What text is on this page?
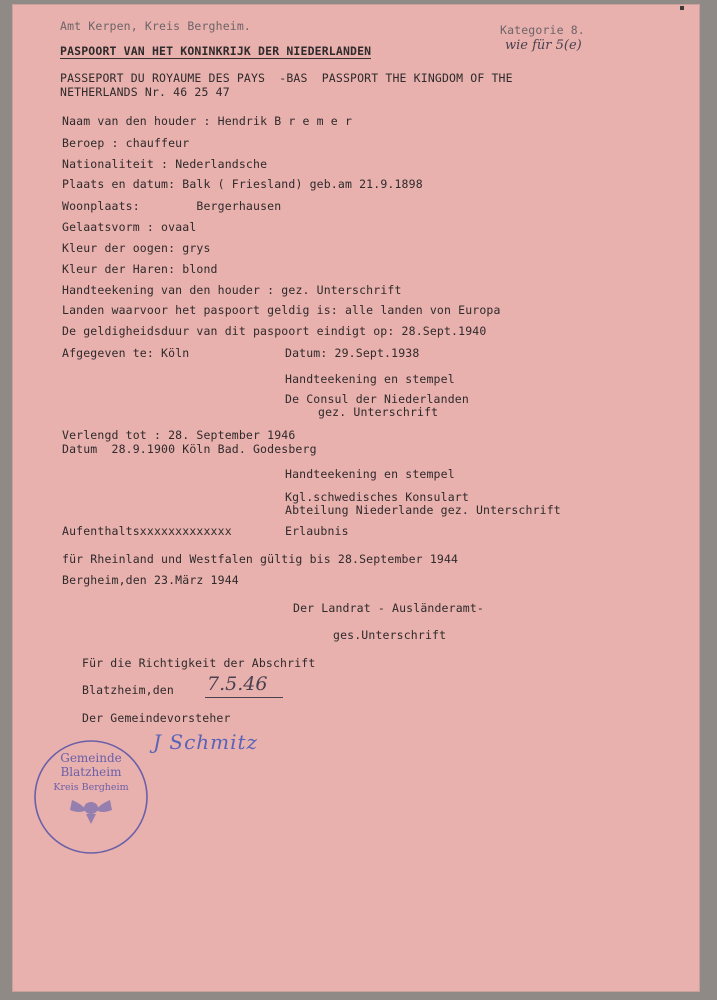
Amt Kerpen, Kreis Bergheim.	Kategorie 8.
wie für 5(e)
PASPOORT VAN HET KONINKRIJK DER NIEDERLANDEN
PASSEPORT DU ROYAUME DES PAYS  -BAS  PASSPORT THE KINGDOM OF THE
NETHERLANDS Nr. 46 25 47
Naam van den houder : Hendrik B r e m e r
Beroep : chauffeur
Nationaliteit : Nederlandsche
Plaats en datum: Balk ( Friesland) geb.am 21.9.1898
Woonplaats:	Bergerhausen
Gelaatsvorm : ovaal
Kleur der oogen: grys
Kleur der Haren: blond
Handteekening van den houder : gez. Unterschrift
Landen waarvoor het paspoort geldig is: alle landen von Europa
De geldigheidsduur van dit paspoort eindigt op: 28.Sept.1940
Afgegeven te: Köln	Datum: 29.Sept.1938
Handteekening en stempel
De Consul der Niederlanden
gez. Unterschrift
Verlengd tot : 28. September 1946
Datum  28.9.1900 Köln Bad. Godesberg
Handteekening en stempel
Kgl.schwedisches Konsulart
Abteilung Niederlande gez. Unterschrift
Aufenthaltsxxxxxxxxxxxxx	Erlaubnis
für Rheinland und Westfalen gültig bis 28.September 1944
Bergheim,den 23.März 1944
Der Landrat - Ausländeramt-
ges.Unterschrift
Für die Richtigkeit der Abschrift
Blatzheim,den 7.5.46
Der Gemeindevorsteher
J Schmitz
Gemeinde
Blatzheim
Kreis Bergheim
